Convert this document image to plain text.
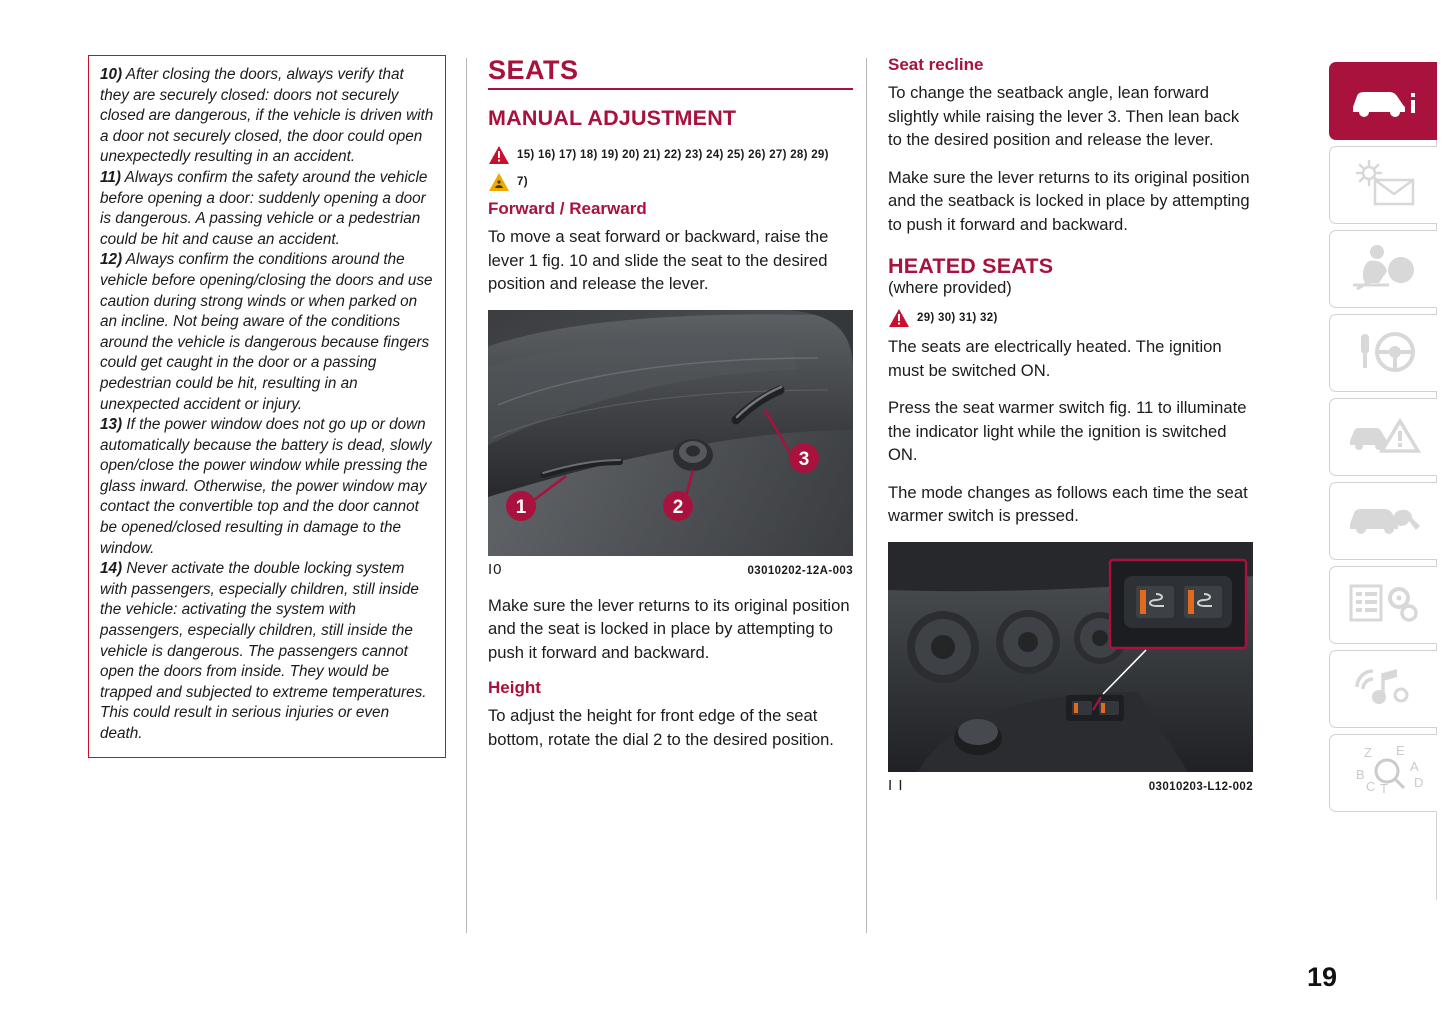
10) After closing the doors, always verify that they are securely closed: doors not securely closed are dangerous, if the vehicle is driven with a door not securely closed, the door could open unexpectedly resulting in an accident.

11) Always confirm the safety around the vehicle before opening a door: suddenly opening a door is dangerous. A passing vehicle or a pedestrian could be hit and cause an accident.

12) Always confirm the conditions around the vehicle before opening/closing the doors and use caution during strong winds or when parked on an incline. Not being aware of the conditions around the vehicle is dangerous because fingers could get caught in the door or a passing pedestrian could be hit, resulting in an unexpected accident or injury.

13) If the power window does not go up or down automatically because the battery is dead, slowly open/close the power window while pressing the glass inward. Otherwise, the power window may contact the convertible top and the door cannot be opened/closed resulting in damage to the window.

14) Never activate the double locking system with passengers, especially children, still inside the vehicle: activating the system with passengers, especially children, still inside the vehicle is dangerous. The passengers cannot open the doors from inside. They would be trapped and subjected to extreme temperatures. This could result in serious injuries or even death.

SEATS
MANUAL ADJUSTMENT
15) 16) 17) 18) 19) 20) 21) 22) 23) 24) 25) 26) 27) 28) 29)
7)
Forward / Rearward

To move a seat forward or backward, raise the lever 1 fig. 10 and slide the seat to the desired position and release the lever.

1	2
3
I0	03010202-12A-003

Make sure the lever returns to its original position and the seat is locked in place by attempting to push it forward and backward.

Height

To adjust the height for front edge of the seat bottom, rotate the dial 2 to the desired position.

Seat recline

To change the seatback angle, lean forward slightly while raising the lever 3. Then lean back to the desired position and release the lever.

Make sure the lever returns to its original position and the seatback is locked in place by attempting to push it forward and backward.

HEATED SEATS
(where provided)
29) 30) 31) 32)

The seats are electrically heated. The ignition must be switched ON.

Press the seat warmer switch fig. 11 to illuminate the indicator light while the ignition is switched ON.

The mode changes as follows each time the seat warmer switch is pressed.

I I	03010203-L12-002
Z E
A
D
T
C
B
19
